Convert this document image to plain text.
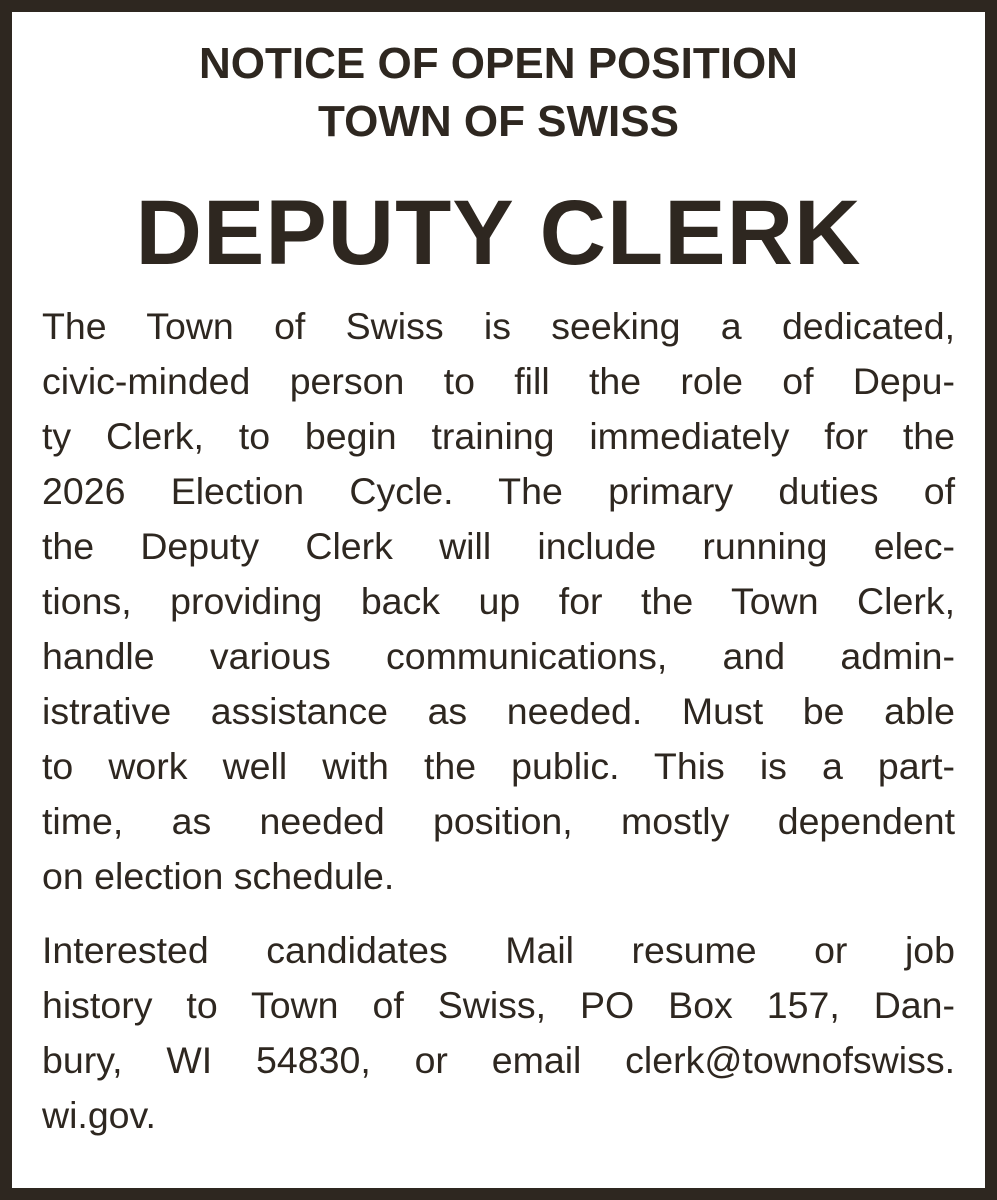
NOTICE OF OPEN POSITION
TOWN OF SWISS
DEPUTY CLERK
The Town of Swiss is seeking a dedicated,
civic-minded person to fill the role of Depu-
ty Clerk, to begin training immediately for the
2026 Election Cycle. The primary duties of
the Deputy Clerk will include running elec-
tions, providing back up for the Town Clerk,
handle various communications, and admin-
istrative assistance as needed. Must be able
to work well with the public. This is a part-
time, as needed position, mostly dependent
on election schedule.
Interested candidates Mail resume or job
history to Town of Swiss, PO Box 157, Dan-
bury, WI 54830, or email clerk@townofswiss.
wi.gov.
